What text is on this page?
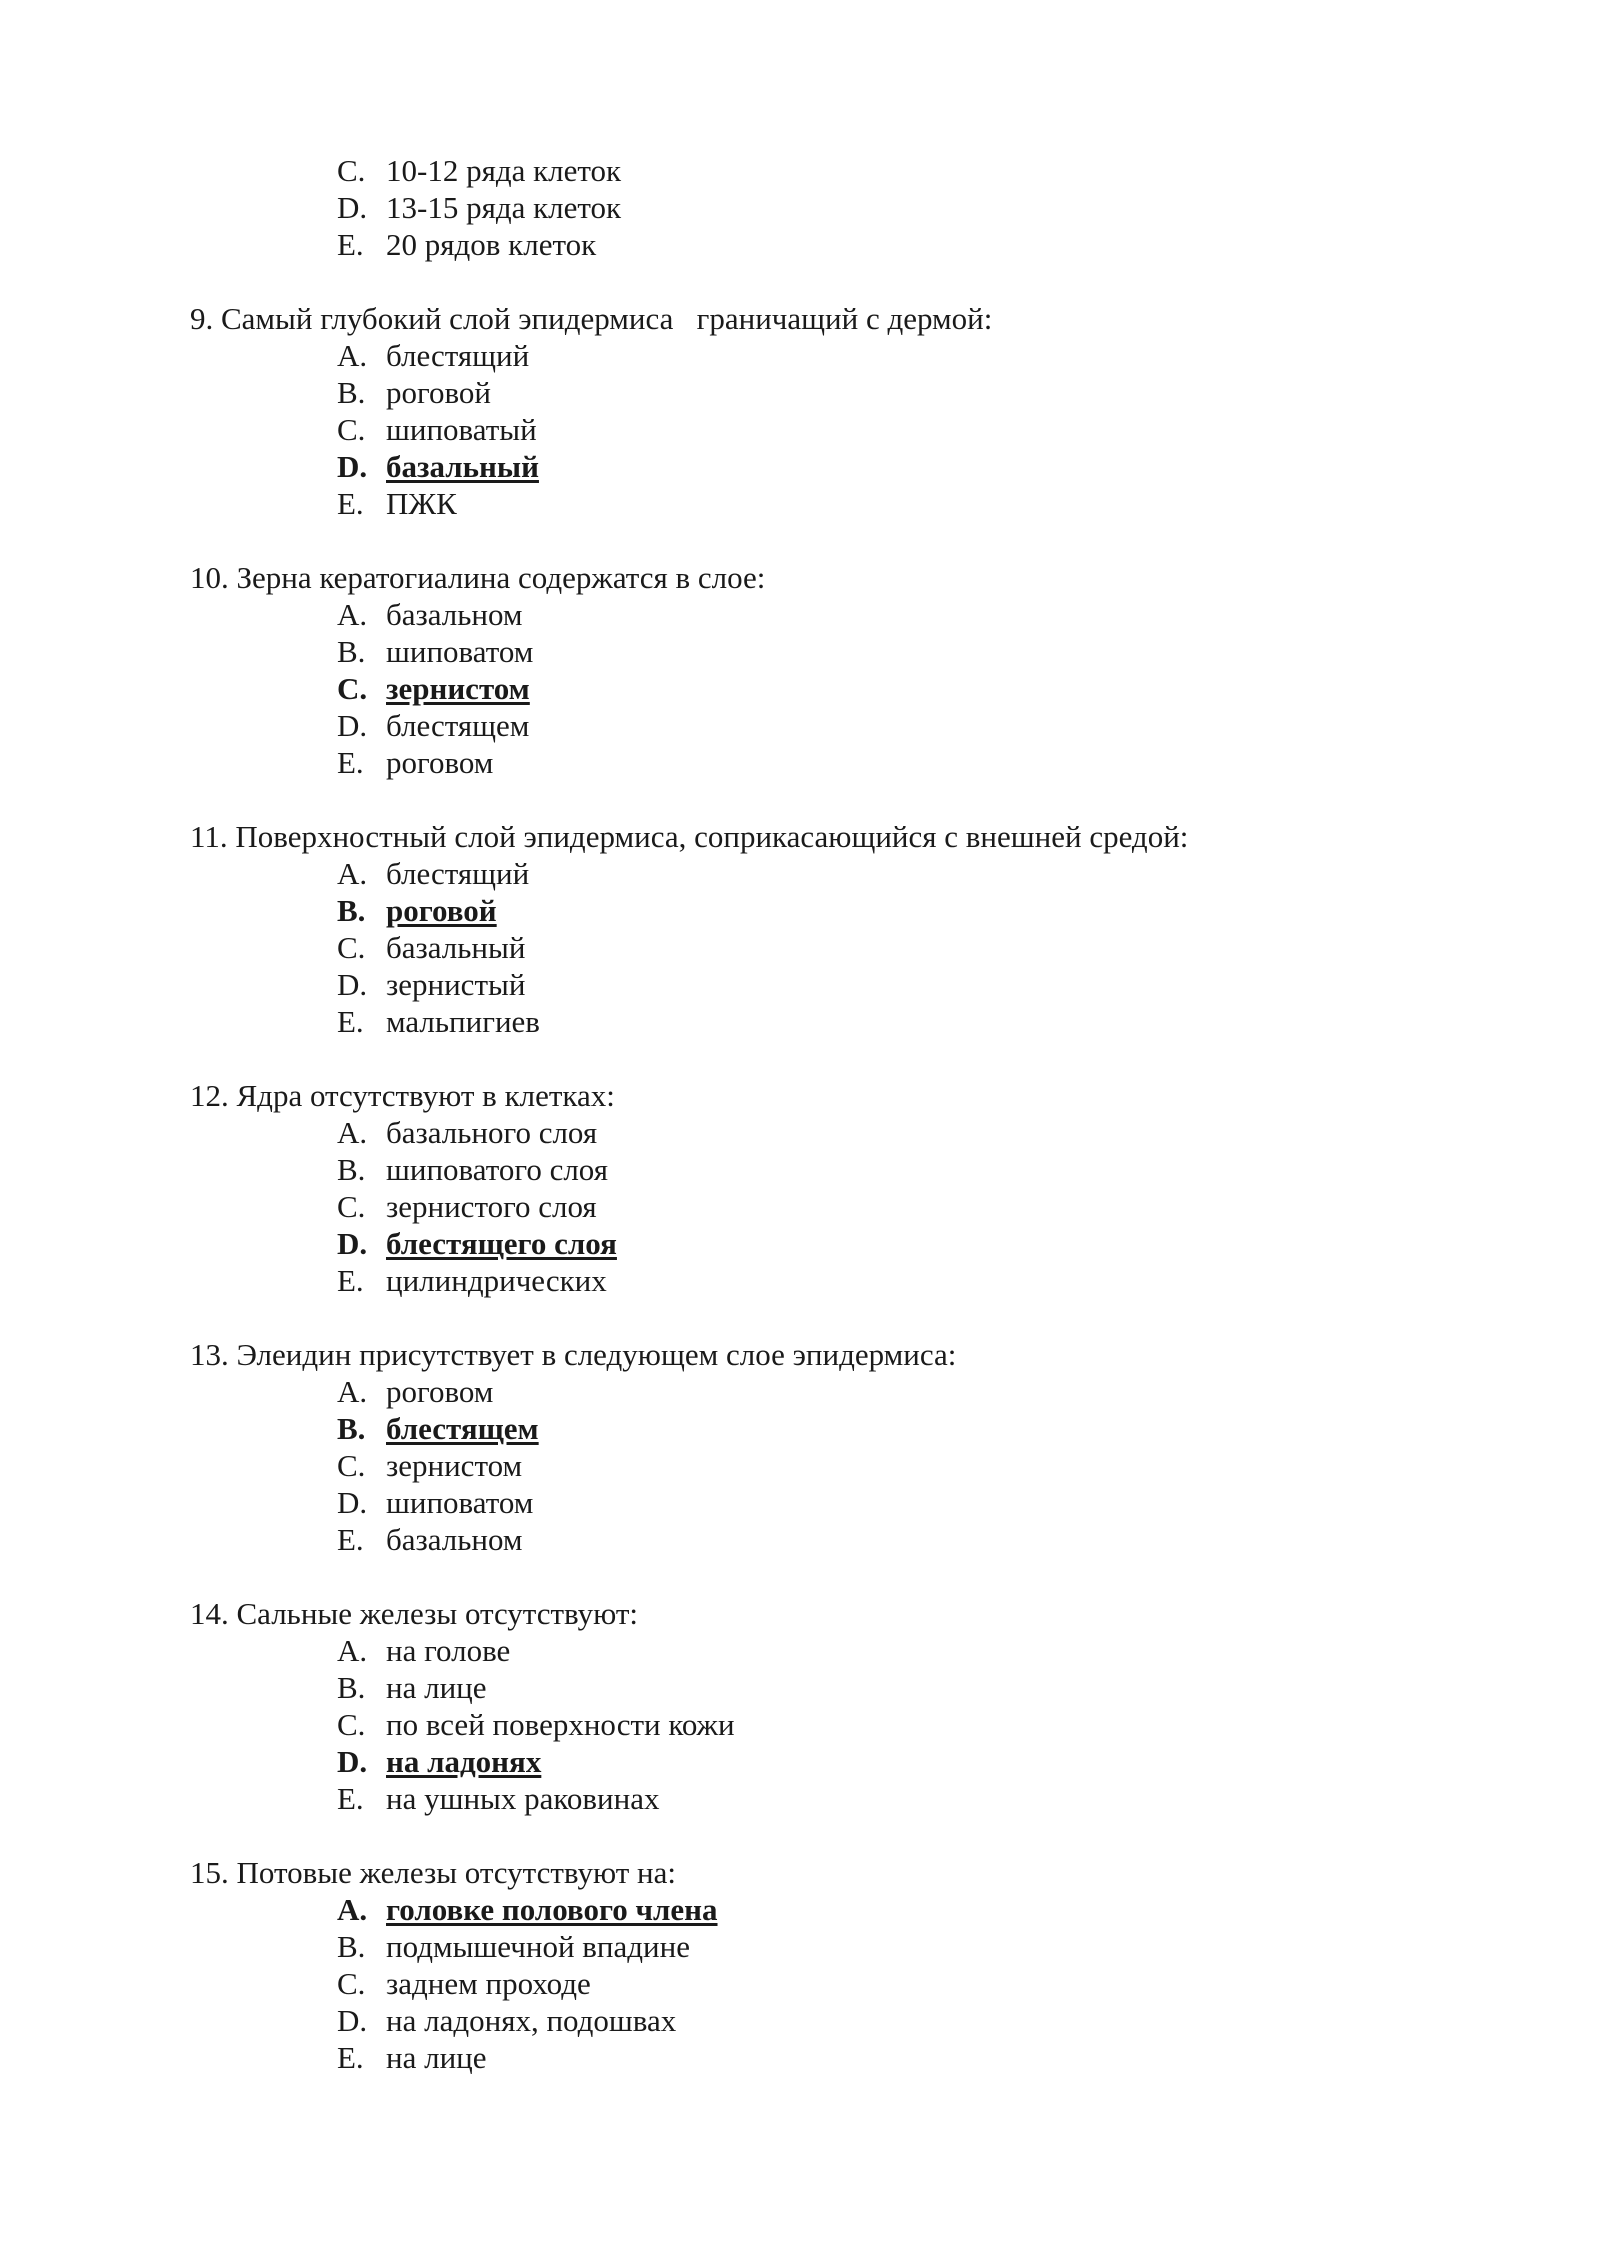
C. 10-12 ряда клеток
D. 13-15 ряда клеток
E. 20 рядов клеток
9. Самый глубокий слой эпидермиса   граничащий с дермой:
A. блестящий
B. роговой
C. шиповатый
D. базальный
E. ПЖК
10. Зерна кератогиалина содержатся в слое:
A. базальном
B. шиповатом
C. зернистом
D. блестящем
E. роговом
11. Поверхностный слой эпидермиса, соприкасающийся с внешней средой:
A. блестящий
B. роговой
C. базальный
D. зернистый
E. мальпигиев
12. Ядра отсутствуют в клетках:
A. базального слоя
B. шиповатого слоя
C. зернистого слоя
D. блестящего слоя
E. цилиндрических
13. Элеидин присутствует в следующем слое эпидермиса:
A. роговом
B. блестящем
C. зернистом
D. шиповатом
E. базальном
14. Сальные железы отсутствуют:
A. на голове
B. на лице
C. по всей поверхности кожи
D. на ладонях
E. на ушных раковинах
15. Потовые железы отсутствуют на:
A. головке полового члена
B. подмышечной впадине
C. заднем проходе
D. на ладонях, подошвах
E. на лице
